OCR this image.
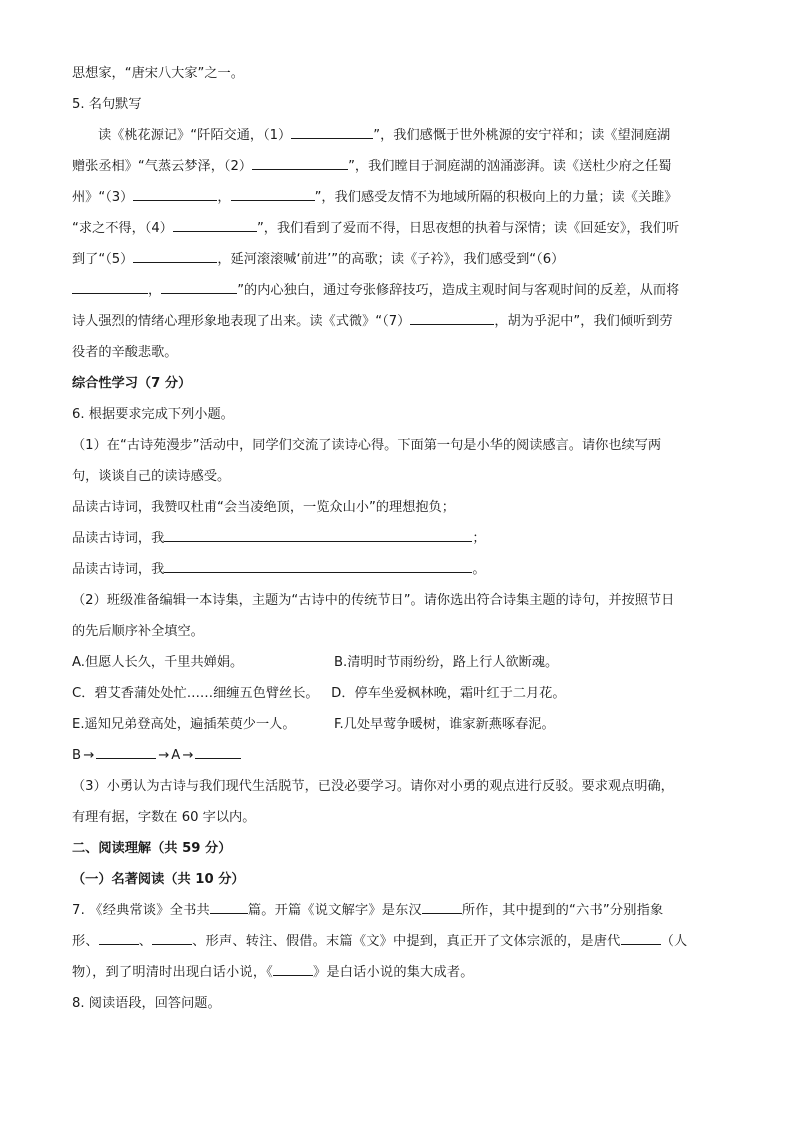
思想家，“唐宋八大家”之一。
5. 名句默写
读《桃花源记》“阡陌交通，（1）	”，我们感慨于世外桃源的安宁祥和；读《望洞庭湖
赠张丞相》“气蒸云梦泽，（2）	”，我们瞠目于洞庭湖的汹涌澎湃。读《送杜少府之任蜀
州》“（3）	，	”，我们感受友情不为地域所隔的积极向上的力量；读《关雎》
“求之不得，（4）	”，我们看到了爱而不得，日思夜想的执着与深情；读《回延安》，我们听
到了“（5）	，延河滚滚喊‘前进’”的高歌；读《子衿》，我们感受到“（6）
，	”的内心独白，通过夸张修辞技巧，造成主观时间与客观时间的反差，从而将
诗人强烈的情绪心理形象地表现了出来。读《式微》“（7）	，胡为乎泥中”，我们倾听到劳
役者的辛酸悲歌。
综合性学习（7 分）
6. 根据要求完成下列小题。
（1）在“古诗苑漫步”活动中，同学们交流了读诗心得。下面第一句是小华的阅读感言。请你也续写两
句，谈谈自己的读诗感受。
品读古诗词，我赞叹杜甫“会当凌绝顶，一览众山小”的理想抱负；
品读古诗词，我	；
品读古诗词，我	。
（2）班级准备编辑一本诗集，主题为“古诗中的传统节日”。请你选出符合诗集主题的诗句，并按照节日
的先后顺序补全填空。
A.但愿人长久，千里共婵娟。	B.清明时节雨纷纷，路上行人欲断魂。
C．碧艾香蒲处处忙……细缠五色臂丝长。 D．停车坐爱枫林晚，霜叶红于二月花。
E.遥知兄弟登高处，遍插茱萸少一人。	F.几处早莺争暖树，谁家新燕啄春泥。
B →	→ A →
（3）小勇认为古诗与我们现代生活脱节，已没必要学习。请你对小勇的观点进行反驳。要求观点明确，
有理有据，字数在 60 字以内。
二、阅读理解（共 59 分）
（一）名著阅读（共 10 分）
7. 《经典常谈》全书共	篇。开篇《说文解字》是东汉	所作，其中提到的“六书”分别指象
形、	、	、形声、转注、假借。末篇《文》中提到，真正开了文体宗派的，是唐代	（人
物），到了明清时出现白话小说，《	》是白话小说的集大成者。
8. 阅读语段，回答问题。
